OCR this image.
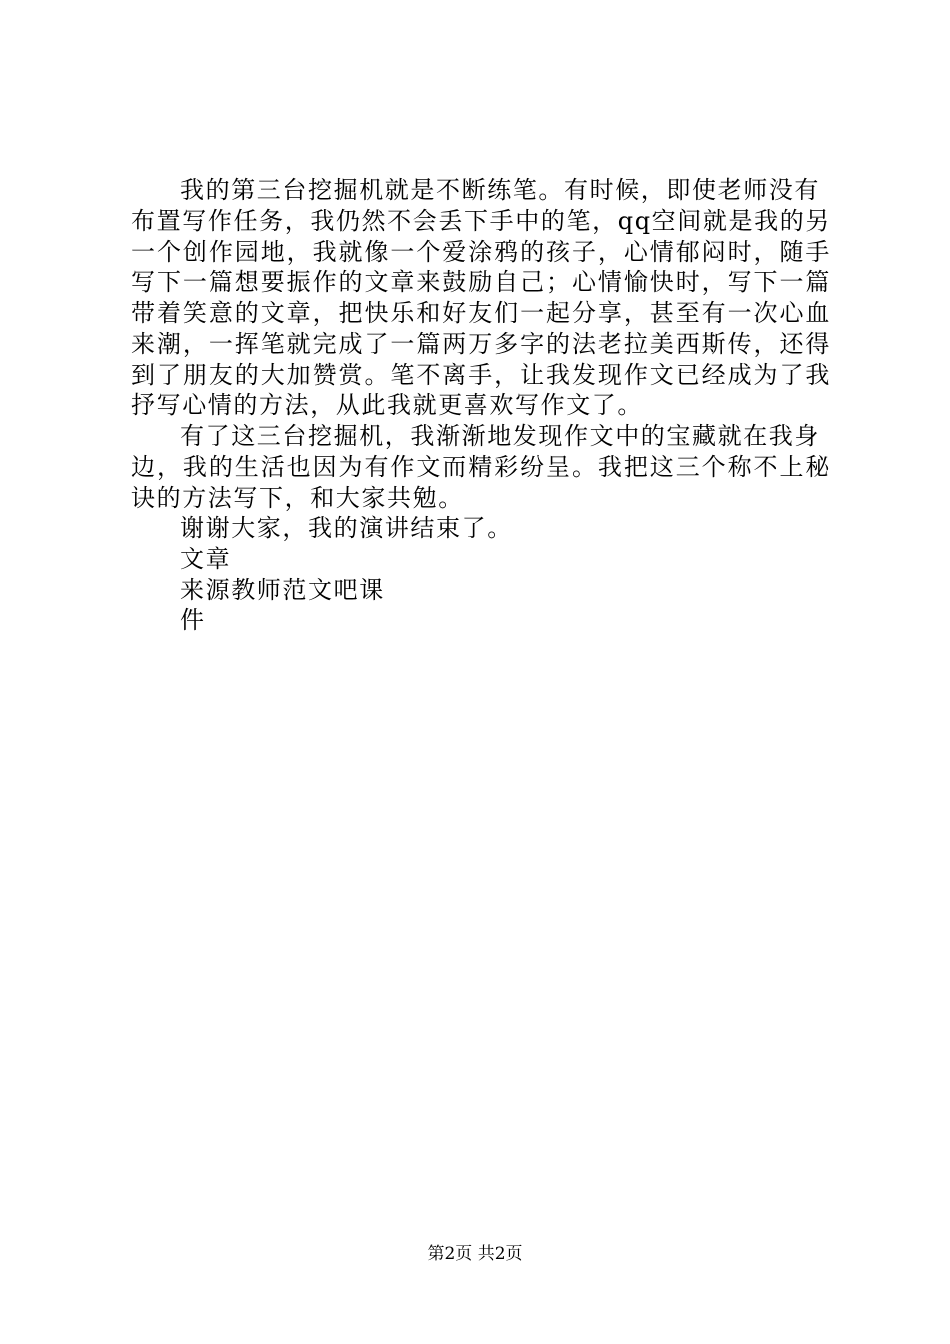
我的第三台挖掘机就是不断练笔。有时候，即使老师没有
布置写作任务，我仍然不会丢下手中的笔，qq空间就是我的另
一个创作园地，我就像一个爱涂鸦的孩子，心情郁闷时，随手
写下一篇想要振作的文章来鼓励自己；心情愉快时，写下一篇
带着笑意的文章，把快乐和好友们一起分享，甚至有一次心血
来潮，一挥笔就完成了一篇两万多字的法老拉美西斯传，还得
到了朋友的大加赞赏。笔不离手，让我发现作文已经成为了我
抒写心情的方法，从此我就更喜欢写作文了。
有了这三台挖掘机，我渐渐地发现作文中的宝藏就在我身
边，我的生活也因为有作文而精彩纷呈。我把这三个称不上秘
诀的方法写下，和大家共勉。
谢谢大家，我的演讲结束了。
文章
来源教师范文吧课
件
第2页 共2页
